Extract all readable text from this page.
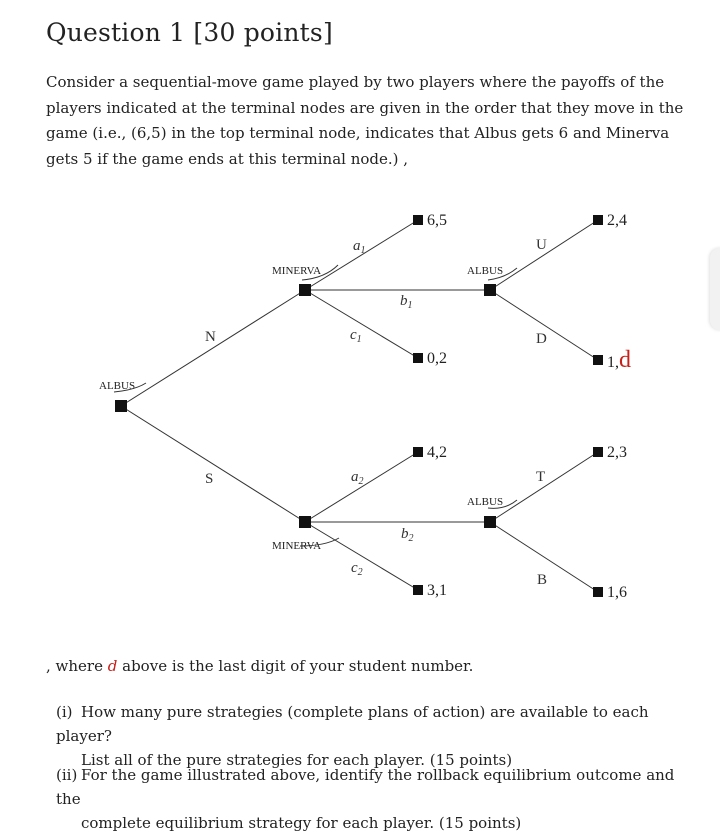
Question 1 [30 points]
Consider a sequential-move game played by two players where the payoffs of the players indicated at the terminal nodes are given in the order that they move in the game (i.e., (6,5) in the top terminal node, indicates that Albus gets 6 and Minerva gets 5 if the game ends at this terminal node.) ,
ALBUS
MINERVA	ALBUS
MINERVA
ALBUS
N
S
U
D
T
B
$a_1$
$b_1$
$c_1$
$a_2$
$b_2$
$c_2$
6,5
0,2
2,4
1,d
4,2
3,1
2,3
1,6
, where d above is the last digit of your student number.
(i) How many pure strategies (complete plans of action) are available to each player?
List all of the pure strategies for each player. (15 points)
(ii) For the game illustrated above, identify the rollback equilibrium outcome and the
complete equilibrium strategy for each player. (15 points)
